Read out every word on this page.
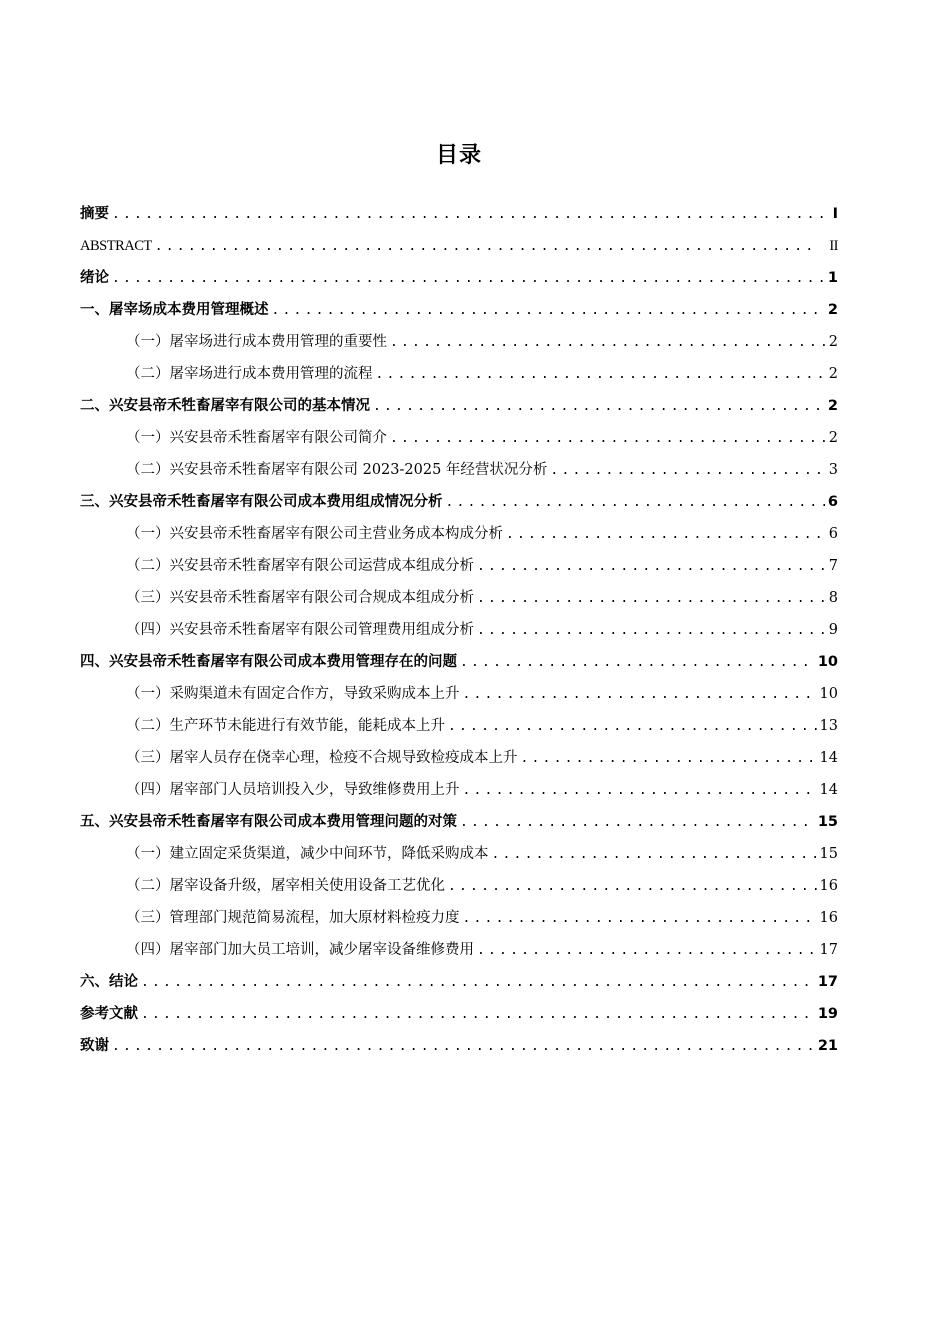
目录
摘要 .....	I
ABSTRACT .....	II
绪论 .....	1
一、屠宰场成本费用管理概述 .....	2
（一）屠宰场进行成本费用管理的重要性 .....	2
（二）屠宰场进行成本费用管理的流程 .....	2
二、兴安县帝禾牲畜屠宰有限公司的基本情况 .....	2
（一）兴安县帝禾牲畜屠宰有限公司简介 .....	2
（二）兴安县帝禾牲畜屠宰有限公司 2023-2025 年经营状况分析 .....	3
三、兴安县帝禾牲畜屠宰有限公司成本费用组成情况分析 .....	6
（一）兴安县帝禾牲畜屠宰有限公司主营业务成本构成分析 .....	6
（二）兴安县帝禾牲畜屠宰有限公司运营成本组成分析 .....	7
（三）兴安县帝禾牲畜屠宰有限公司合规成本组成分析 .....	8
（四）兴安县帝禾牲畜屠宰有限公司管理费用组成分析 .....	9
四、兴安县帝禾牲畜屠宰有限公司成本费用管理存在的问题 .....	10
（一）采购渠道未有固定合作方，导致采购成本上升 .....	10
（二）生产环节未能进行有效节能，能耗成本上升 .....	13
（三）屠宰人员存在侥幸心理，检疫不合规导致检疫成本上升 .....	14
（四）屠宰部门人员培训投入少，导致维修费用上升 .....	14
五、兴安县帝禾牲畜屠宰有限公司成本费用管理问题的对策 .....	15
（一）建立固定采货渠道，减少中间环节，降低采购成本 .....	15
（二）屠宰设备升级，屠宰相关使用设备工艺优化 .....	16
（三）管理部门规范简易流程，加大原材料检疫力度 .....	16
（四）屠宰部门加大员工培训，减少屠宰设备维修费用 .....	17
六、结论 .....	17
参考文献 .....	19
致谢 .....	21
